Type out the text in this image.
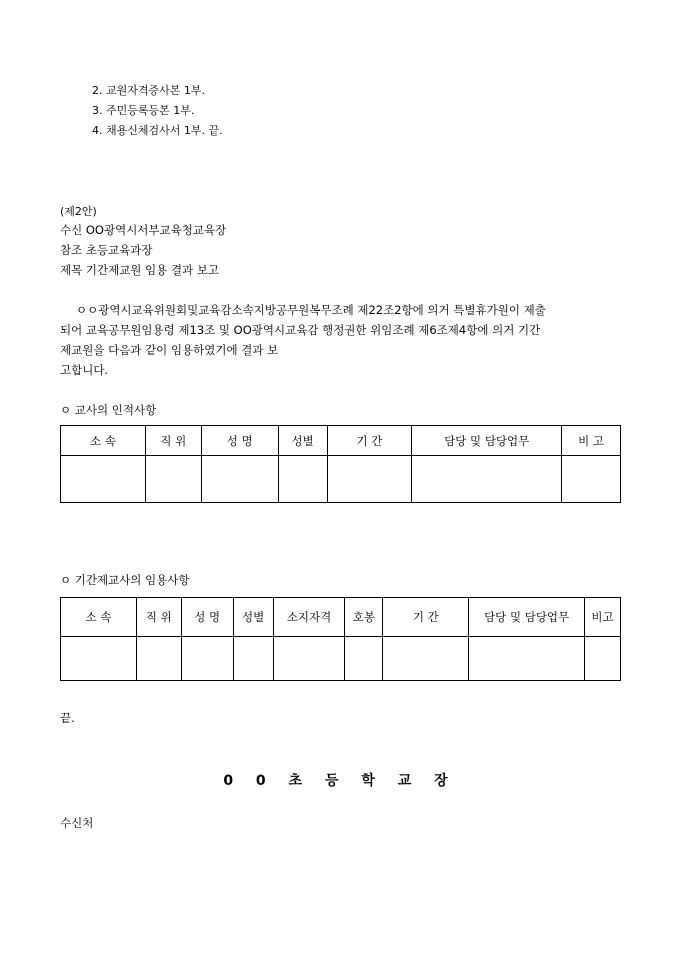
2. 교원자격증사본 1부.
3. 주민등록등본 1부.
4. 채용신체검사서 1부. 끝.
(제2안)
수신 OO광역시서부교육청교육장
참조 초등교육과장
제목 기간제교원 임용 결과 보고
ㅇㅇ광역시교육위원회및교육감소속지방공무원복무조례 제22조2항에 의거 특별휴가원이 제출
되어 교육공무원임용령 제13조 및 OO광역시교육감 행정권한 위임조례 제6조제4항에 의거 기간
제교원을 다음과 같이 임용하였기에 결과 보
고합니다.
ㅇ 교사의 인적사항
소 속	직 위	성 명	성별	기 간	담당 및 담당업무	비 고

ㅇ 기간제교사의 임용사항
소 속	직 위	성 명	성별	소지자격	호봉	기 간	담당 및 담당업무	비고

끝.
0 0 초 등 학 교 장
수신처
